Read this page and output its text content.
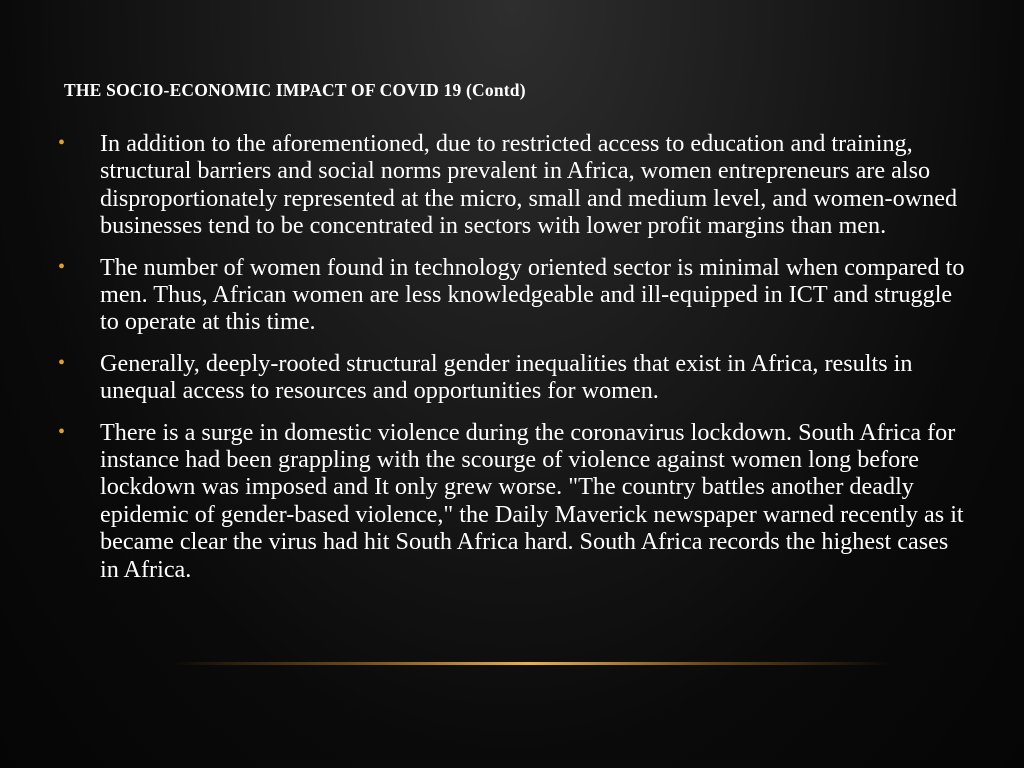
THE SOCIO-ECONOMIC IMPACT OF COVID 19 (Contd)
• In addition to the aforementioned, due to restricted access to education and training, structural barriers and social norms prevalent in Africa, women entrepreneurs are also disproportionately represented at the micro, small and medium level, and women-owned businesses tend to be concentrated in sectors with lower profit margins than men.
• The number of women found in technology oriented sector is minimal when compared to men. Thus, African women are less knowledgeable and ill-equipped in ICT and struggle to operate at this time.
• Generally, deeply-rooted structural gender inequalities that exist in Africa, results in unequal access to resources and opportunities for women.
• There is a surge in domestic violence during the coronavirus lockdown. South Africa for instance had been grappling with the scourge of violence against women long before lockdown was imposed and It only grew worse. "The country battles another deadly epidemic of gender-based violence," the Daily Maverick newspaper warned recently as it became clear the virus had hit South Africa hard. South Africa records the highest cases in Africa.
